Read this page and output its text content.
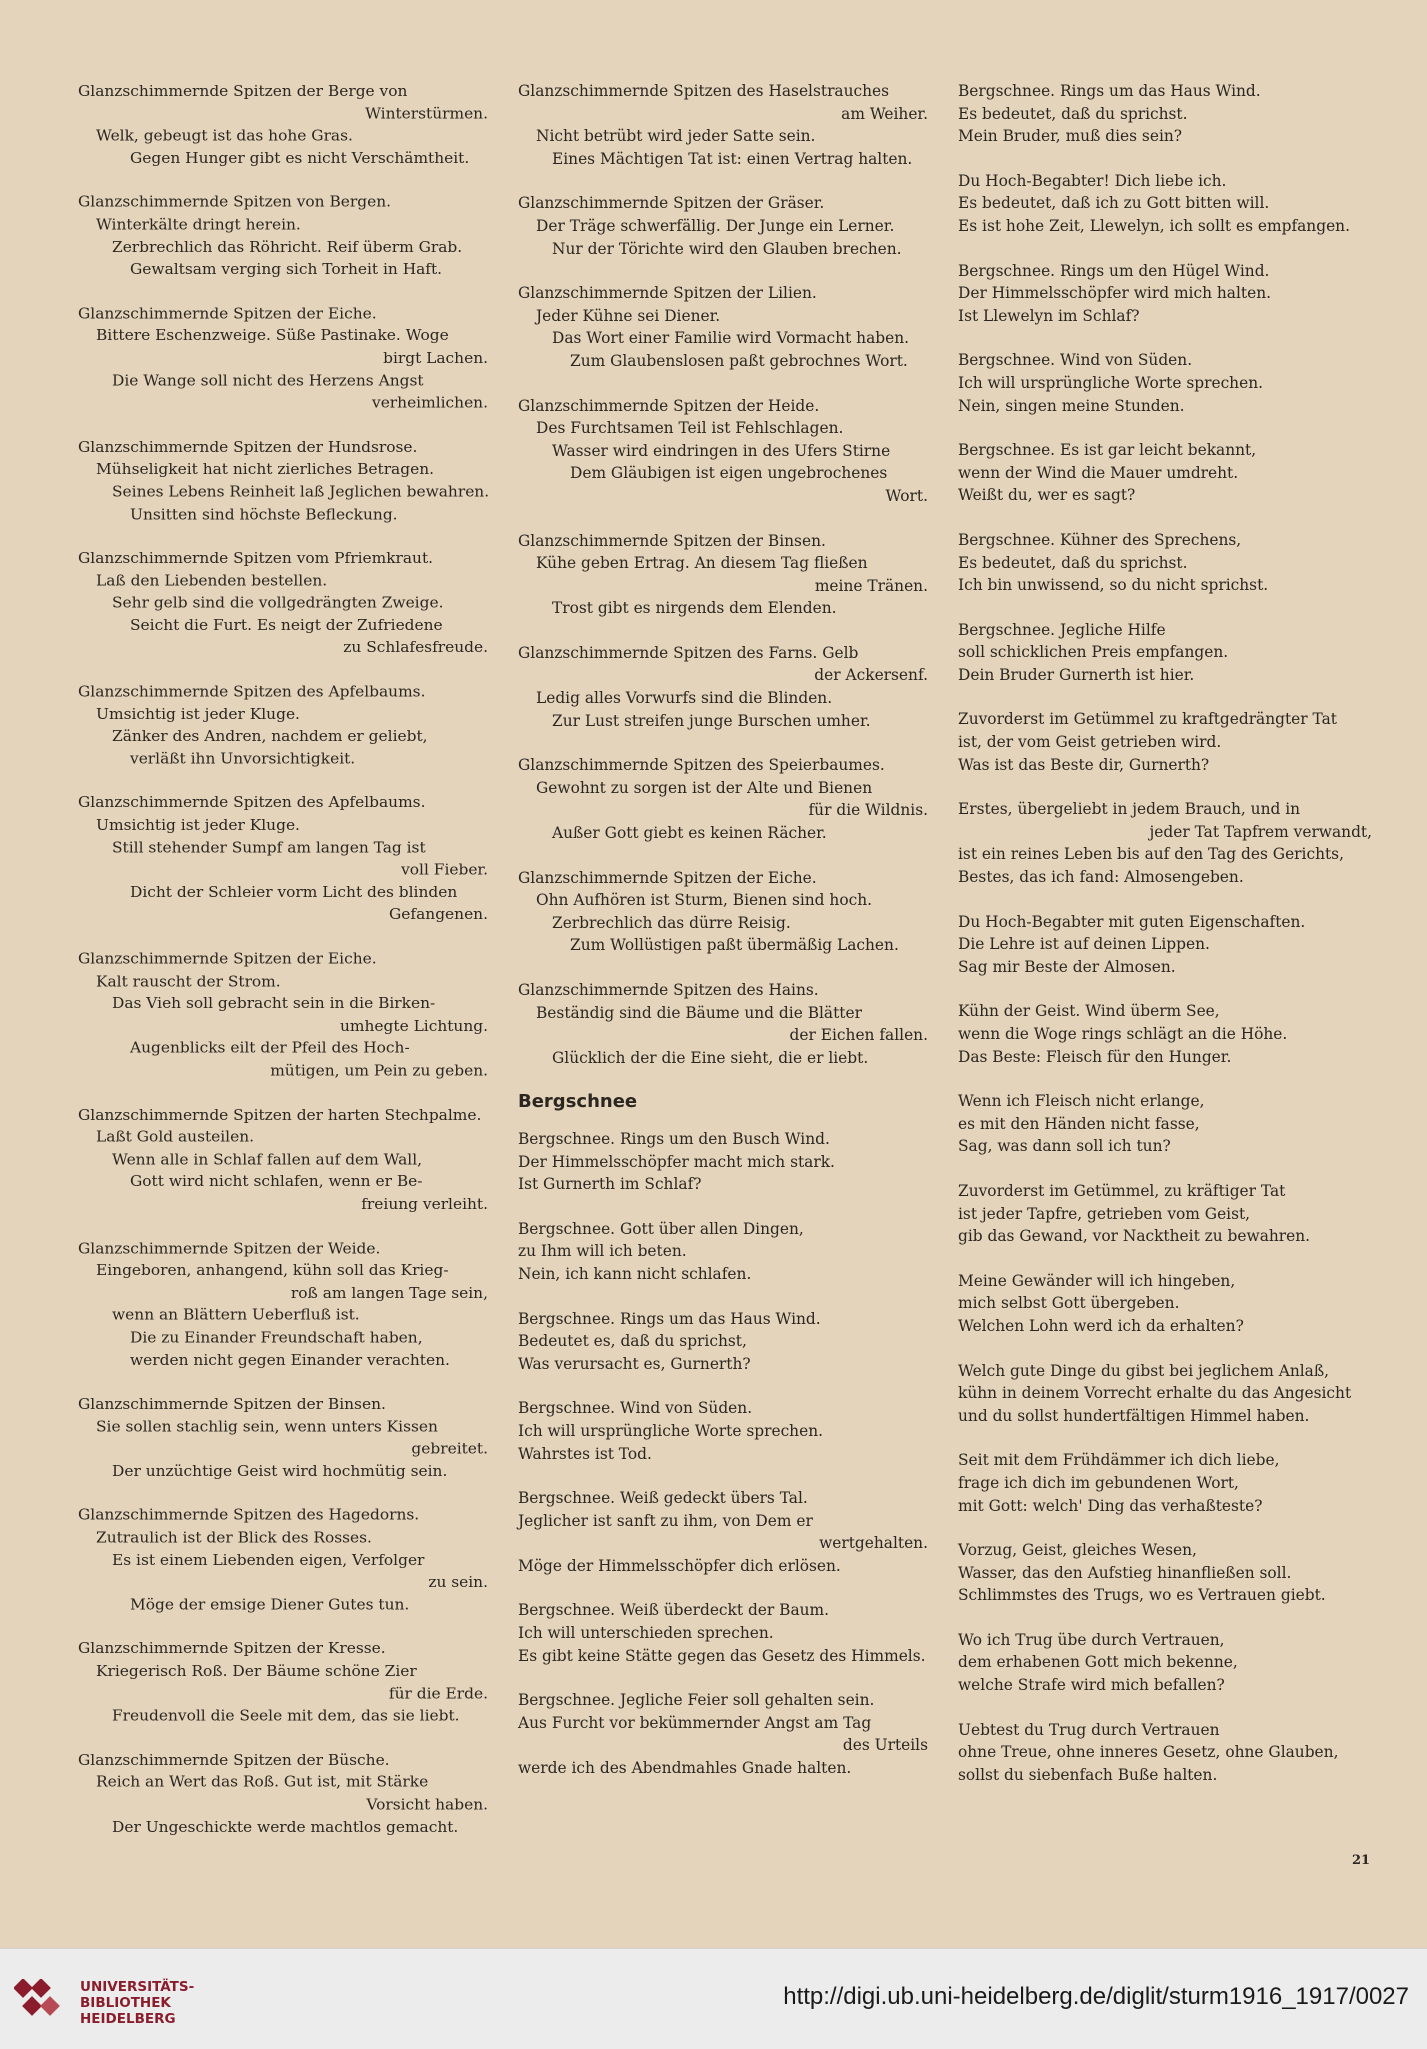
Glanzschimmernde Spitzen der Berge von
Winterstürmen.
Welk, gebeugt ist das hohe Gras.
Gegen Hunger gibt es nicht Verschämtheit.
Glanzschimmernde Spitzen von Bergen.
Winterkälte dringt herein.
Zerbrechlich das Röhricht. Reif überm Grab.
Gewaltsam verging sich Torheit in Haft.
Glanzschimmernde Spitzen der Eiche.
Bittere Eschenzweige. Süße Pastinake. Woge
birgt Lachen.
Die Wange soll nicht des Herzens Angst
verheimlichen.
Glanzschimmernde Spitzen der Hundsrose.
Mühseligkeit hat nicht zierliches Betragen.
Seines Lebens Reinheit laß Jeglichen bewahren.
Unsitten sind höchste Befleckung.
Glanzschimmernde Spitzen vom Pfriemkraut.
Laß den Liebenden bestellen.
Sehr gelb sind die vollgedrängten Zweige.
Seicht die Furt. Es neigt der Zufriedene
zu Schlafesfreude.
Glanzschimmernde Spitzen des Apfelbaums.
Umsichtig ist jeder Kluge.
Zänker des Andren, nachdem er geliebt,
verläßt ihn Unvorsichtigkeit.
Glanzschimmernde Spitzen des Apfelbaums.
Umsichtig ist jeder Kluge.
Still stehender Sumpf am langen Tag ist
voll Fieber.
Dicht der Schleier vorm Licht des blinden
Gefangenen.
Glanzschimmernde Spitzen der Eiche.
Kalt rauscht der Strom.
Das Vieh soll gebracht sein in die Birken-
umhegte Lichtung.
Augenblicks eilt der Pfeil des Hoch-
mütigen, um Pein zu geben.
Glanzschimmernde Spitzen der harten Stechpalme.
Laßt Gold austeilen.
Wenn alle in Schlaf fallen auf dem Wall,
Gott wird nicht schlafen, wenn er Be-
freiung verleiht.
Glanzschimmernde Spitzen der Weide.
Eingeboren, anhangend, kühn soll das Krieg-
roß am langen Tage sein,
wenn an Blättern Ueberfluß ist.
Die zu Einander Freundschaft haben,
werden nicht gegen Einander verachten.
Glanzschimmernde Spitzen der Binsen.
Sie sollen stachlig sein, wenn unters Kissen
gebreitet.
Der unzüchtige Geist wird hochmütig sein.
Glanzschimmernde Spitzen des Hagedorns.
Zutraulich ist der Blick des Rosses.
Es ist einem Liebenden eigen, Verfolger
zu sein.
Möge der emsige Diener Gutes tun.
Glanzschimmernde Spitzen der Kresse.
Kriegerisch Roß. Der Bäume schöne Zier
für die Erde.
Freudenvoll die Seele mit dem, das sie liebt.
Glanzschimmernde Spitzen der Büsche.
Reich an Wert das Roß. Gut ist, mit Stärke
Vorsicht haben.
Der Ungeschickte werde machtlos gemacht.
Glanzschimmernde Spitzen des Haselstrauches
am Weiher.
Nicht betrübt wird jeder Satte sein.
Eines Mächtigen Tat ist: einen Vertrag halten.
Glanzschimmernde Spitzen der Gräser.
Der Träge schwerfällig. Der Junge ein Lerner.
Nur der Törichte wird den Glauben brechen.
Glanzschimmernde Spitzen der Lilien.
Jeder Kühne sei Diener.
Das Wort einer Familie wird Vormacht haben.
Zum Glaubenslosen paßt gebrochnes Wort.
Glanzschimmernde Spitzen der Heide.
Des Furchtsamen Teil ist Fehlschlagen.
Wasser wird eindringen in des Ufers Stirne
Dem Gläubigen ist eigen ungebrochenes
Wort.
Glanzschimmernde Spitzen der Binsen.
Kühe geben Ertrag. An diesem Tag fließen
meine Tränen.
Trost gibt es nirgends dem Elenden.
Glanzschimmernde Spitzen des Farns. Gelb
der Ackersenf.
Ledig alles Vorwurfs sind die Blinden.
Zur Lust streifen junge Burschen umher.
Glanzschimmernde Spitzen des Speierbaumes.
Gewohnt zu sorgen ist der Alte und Bienen
für die Wildnis.
Außer Gott giebt es keinen Rächer.
Glanzschimmernde Spitzen der Eiche.
Ohn Aufhören ist Sturm, Bienen sind hoch.
Zerbrechlich das dürre Reisig.
Zum Wollüstigen paßt übermäßig Lachen.
Glanzschimmernde Spitzen des Hains.
Beständig sind die Bäume und die Blätter
der Eichen fallen.
Glücklich der die Eine sieht, die er liebt.
Bergschnee
Bergschnee. Rings um den Busch Wind.
Der Himmelsschöpfer macht mich stark.
Ist Gurnerth im Schlaf?
Bergschnee. Gott über allen Dingen,
zu Ihm will ich beten.
Nein, ich kann nicht schlafen.
Bergschnee. Rings um das Haus Wind.
Bedeutet es, daß du sprichst,
Was verursacht es, Gurnerth?
Bergschnee. Wind von Süden.
Ich will ursprüngliche Worte sprechen.
Wahrstes ist Tod.
Bergschnee. Weiß gedeckt übers Tal.
Jeglicher ist sanft zu ihm, von Dem er
wertgehalten.
Möge der Himmelsschöpfer dich erlösen.
Bergschnee. Weiß überdeckt der Baum.
Ich will unterschieden sprechen.
Es gibt keine Stätte gegen das Gesetz des Himmels.
Bergschnee. Jegliche Feier soll gehalten sein.
Aus Furcht vor bekümmernder Angst am Tag
des Urteils
werde ich des Abendmahles Gnade halten.
Bergschnee. Rings um das Haus Wind.
Es bedeutet, daß du sprichst.
Mein Bruder, muß dies sein?
Du Hoch-Begabter! Dich liebe ich.
Es bedeutet, daß ich zu Gott bitten will.
Es ist hohe Zeit, Llewelyn, ich sollt es empfangen.
Bergschnee. Rings um den Hügel Wind.
Der Himmelsschöpfer wird mich halten.
Ist Llewelyn im Schlaf?
Bergschnee. Wind von Süden.
Ich will ursprüngliche Worte sprechen.
Nein, singen meine Stunden.
Bergschnee. Es ist gar leicht bekannt,
wenn der Wind die Mauer umdreht.
Weißt du, wer es sagt?
Bergschnee. Kühner des Sprechens,
Es bedeutet, daß du sprichst.
Ich bin unwissend, so du nicht sprichst.
Bergschnee. Jegliche Hilfe
soll schicklichen Preis empfangen.
Dein Bruder Gurnerth ist hier.
Zuvorderst im Getümmel zu kraftgedrängter Tat
ist, der vom Geist getrieben wird.
Was ist das Beste dir, Gurnerth?
Erstes, übergeliebt in jedem Brauch, und in
jeder Tat Tapfrem verwandt,
ist ein reines Leben bis auf den Tag des Gerichts,
Bestes, das ich fand: Almosengeben.
Du Hoch-Begabter mit guten Eigenschaften.
Die Lehre ist auf deinen Lippen.
Sag mir Beste der Almosen.
Kühn der Geist. Wind überm See,
wenn die Woge rings schlägt an die Höhe.
Das Beste: Fleisch für den Hunger.
Wenn ich Fleisch nicht erlange,
es mit den Händen nicht fasse,
Sag, was dann soll ich tun?
Zuvorderst im Getümmel, zu kräftiger Tat
ist jeder Tapfre, getrieben vom Geist,
gib das Gewand, vor Nacktheit zu bewahren.
Meine Gewänder will ich hingeben,
mich selbst Gott übergeben.
Welchen Lohn werd ich da erhalten?
Welch gute Dinge du gibst bei jeglichem Anlaß,
kühn in deinem Vorrecht erhalte du das Angesicht
und du sollst hundertfältigen Himmel haben.
Seit mit dem Frühdämmer ich dich liebe,
frage ich dich im gebundenen Wort,
mit Gott: welch' Ding das verhaßteste?
Vorzug, Geist, gleiches Wesen,
Wasser, das den Aufstieg hinanfließen soll.
Schlimmstes des Trugs, wo es Vertrauen giebt.
Wo ich Trug übe durch Vertrauen,
dem erhabenen Gott mich bekenne,
welche Strafe wird mich befallen?
Uebtest du Trug durch Vertrauen
ohne Treue, ohne inneres Gesetz, ohne Glauben,
sollst du siebenfach Buße halten.
21
UNIVERSITÄTS-
BIBLIOTHEK
HEIDELBERG
http://digi.ub.uni-heidelberg.de/diglit/sturm1916_1917/0027
